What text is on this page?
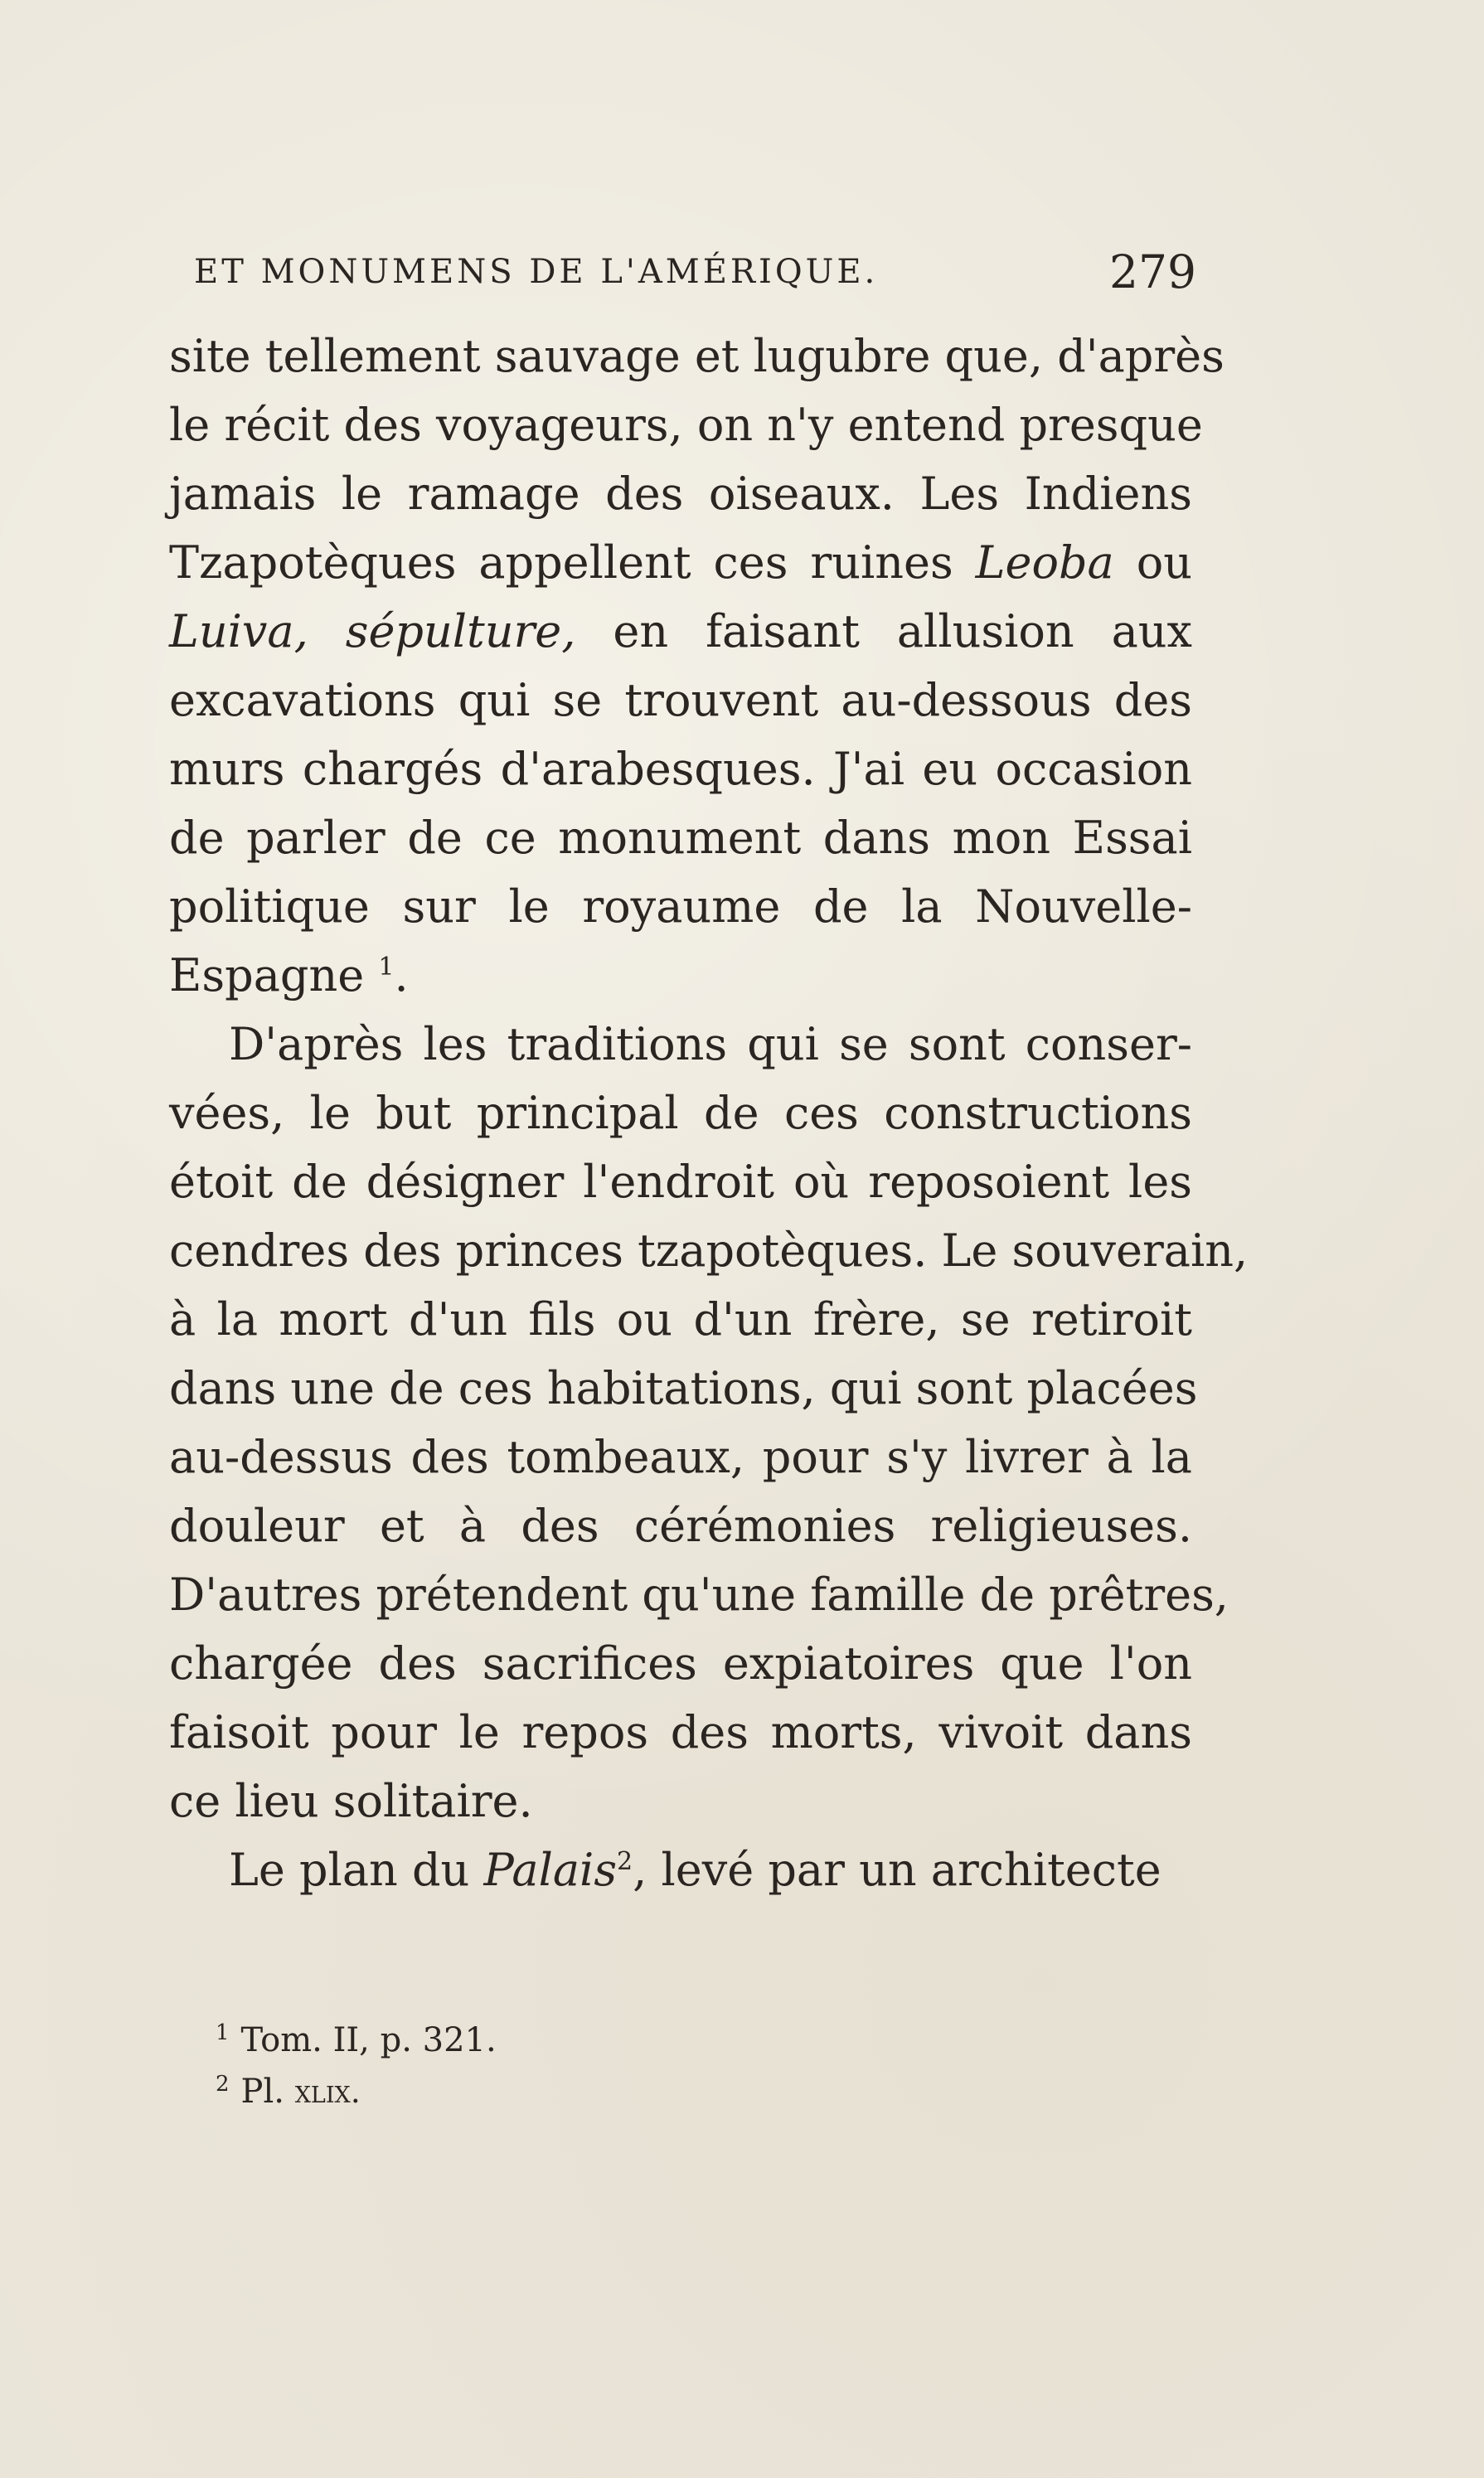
ET MONUMENS DE L'AMÉRIQUE.	279
site tellement sauvage et lugubre que, d'après
le récit des voyageurs, on n'y entend presque
jamais le ramage des oiseaux. Les Indiens
Tzapotèques appellent ces ruines Leoba ou
Luiva, sépulture, en faisant allusion aux
excavations qui se trouvent au-dessous des
murs chargés d'arabesques. J'ai eu occasion
de parler de ce monument dans mon Essai
politique sur le royaume de la Nouvelle-
Espagne $^1$.
D'après les traditions qui se sont conser-
vées, le but principal de ces constructions
étoit de désigner l'endroit où reposoient les
cendres des princes tzapotèques. Le souverain,
à la mort d'un fils ou d'un frère, se retiroit
dans une de ces habitations, qui sont placées
au-dessus des tombeaux, pour s'y livrer à la
douleur et à des cérémonies religieuses.
D'autres prétendent qu'une famille de prêtres,
chargée des sacrifices expiatoires que l'on
faisoit pour le repos des morts, vivoit dans
ce lieu solitaire.
Le plan du Palais$^2$, levé par un architecte
$^1$ Tom. II, p. 321.
$^2$ Pl. xlix.
